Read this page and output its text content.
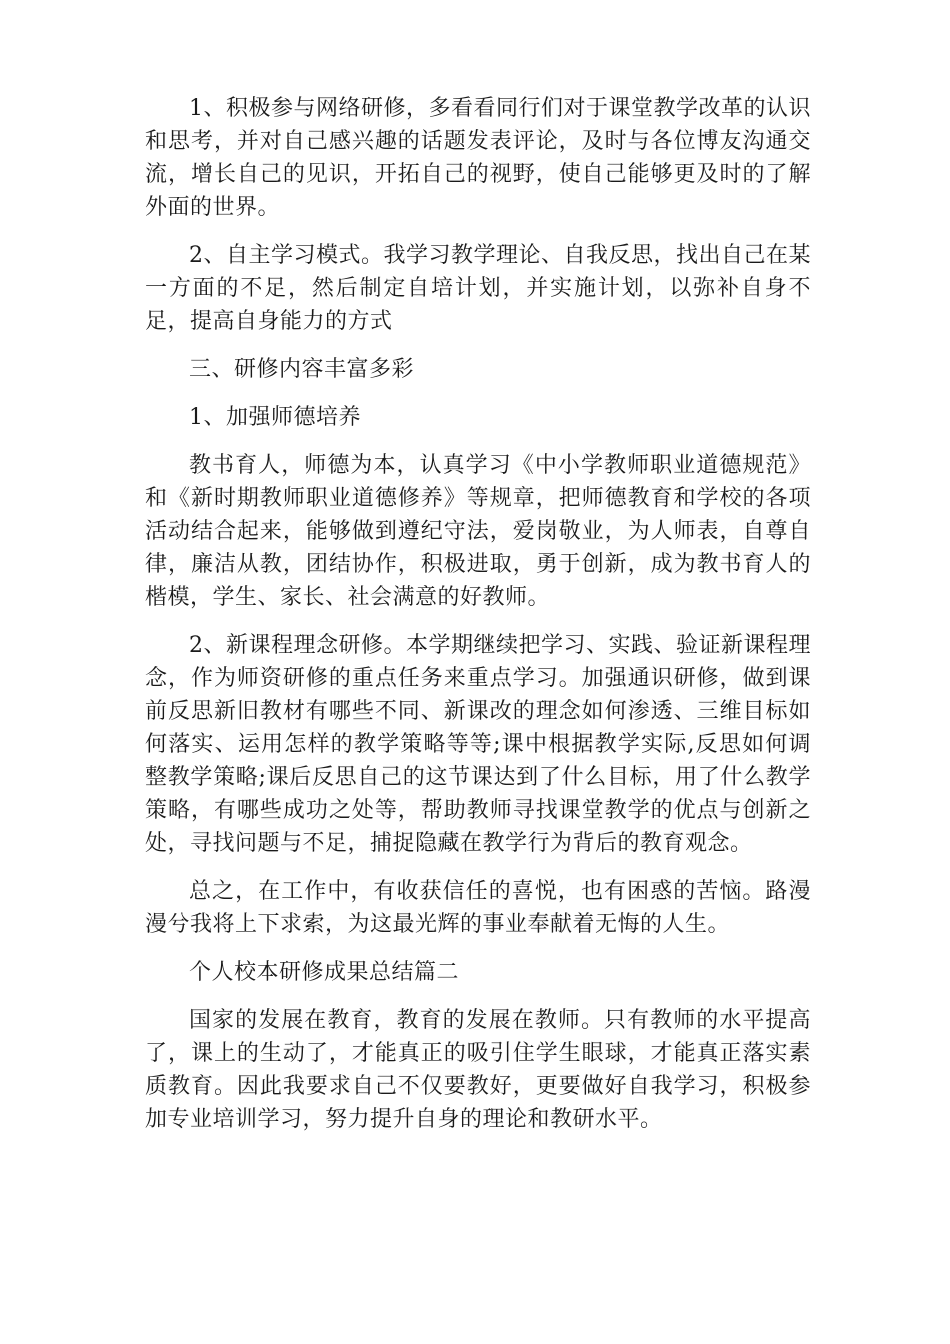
1、积极参与网络研修，多看看同行们对于课堂教学改革的认识和思考，并对自己感兴趣的话题发表评论，及时与各位博友沟通交流，增长自己的见识，开拓自己的视野，使自己能够更及时的了解外面的世界。

2、自主学习模式。我学习教学理论、自我反思，找出自己在某一方面的不足，然后制定自培计划，并实施计划，以弥补自身不足，提高自身能力的方式

三、研修内容丰富多彩

1、加强师德培养

教书育人，师德为本，认真学习《中小学教师职业道德规范》和《新时期教师职业道德修养》等规章，把师德教育和学校的各项活动结合起来，能够做到遵纪守法，爱岗敬业，为人师表，自尊自律，廉洁从教，团结协作，积极进取，勇于创新，成为教书育人的楷模，学生、家长、社会满意的好教师。

2、新课程理念研修。本学期继续把学习、实践、验证新课程理念，作为师资研修的重点任务来重点学习。加强通识研修，做到课前反思新旧教材有哪些不同、新课改的理念如何渗透、三维目标如何落实、运用怎样的教学策略等等;课中根据教学实际,反思如何调整教学策略;课后反思自己的这节课达到了什么目标，用了什么教学策略，有哪些成功之处等，帮助教师寻找课堂教学的优点与创新之处，寻找问题与不足，捕捉隐藏在教学行为背后的教育观念。

总之，在工作中，有收获信任的喜悦，也有困惑的苦恼。路漫漫兮我将上下求索，为这最光辉的事业奉献着无悔的人生。

个人校本研修成果总结篇二

国家的发展在教育，教育的发展在教师。只有教师的水平提高了，课上的生动了，才能真正的吸引住学生眼球，才能真正落实素质教育。因此我要求自己不仅要教好，更要做好自我学习，积极参加专业培训学习，努力提升自身的理论和教研水平。
